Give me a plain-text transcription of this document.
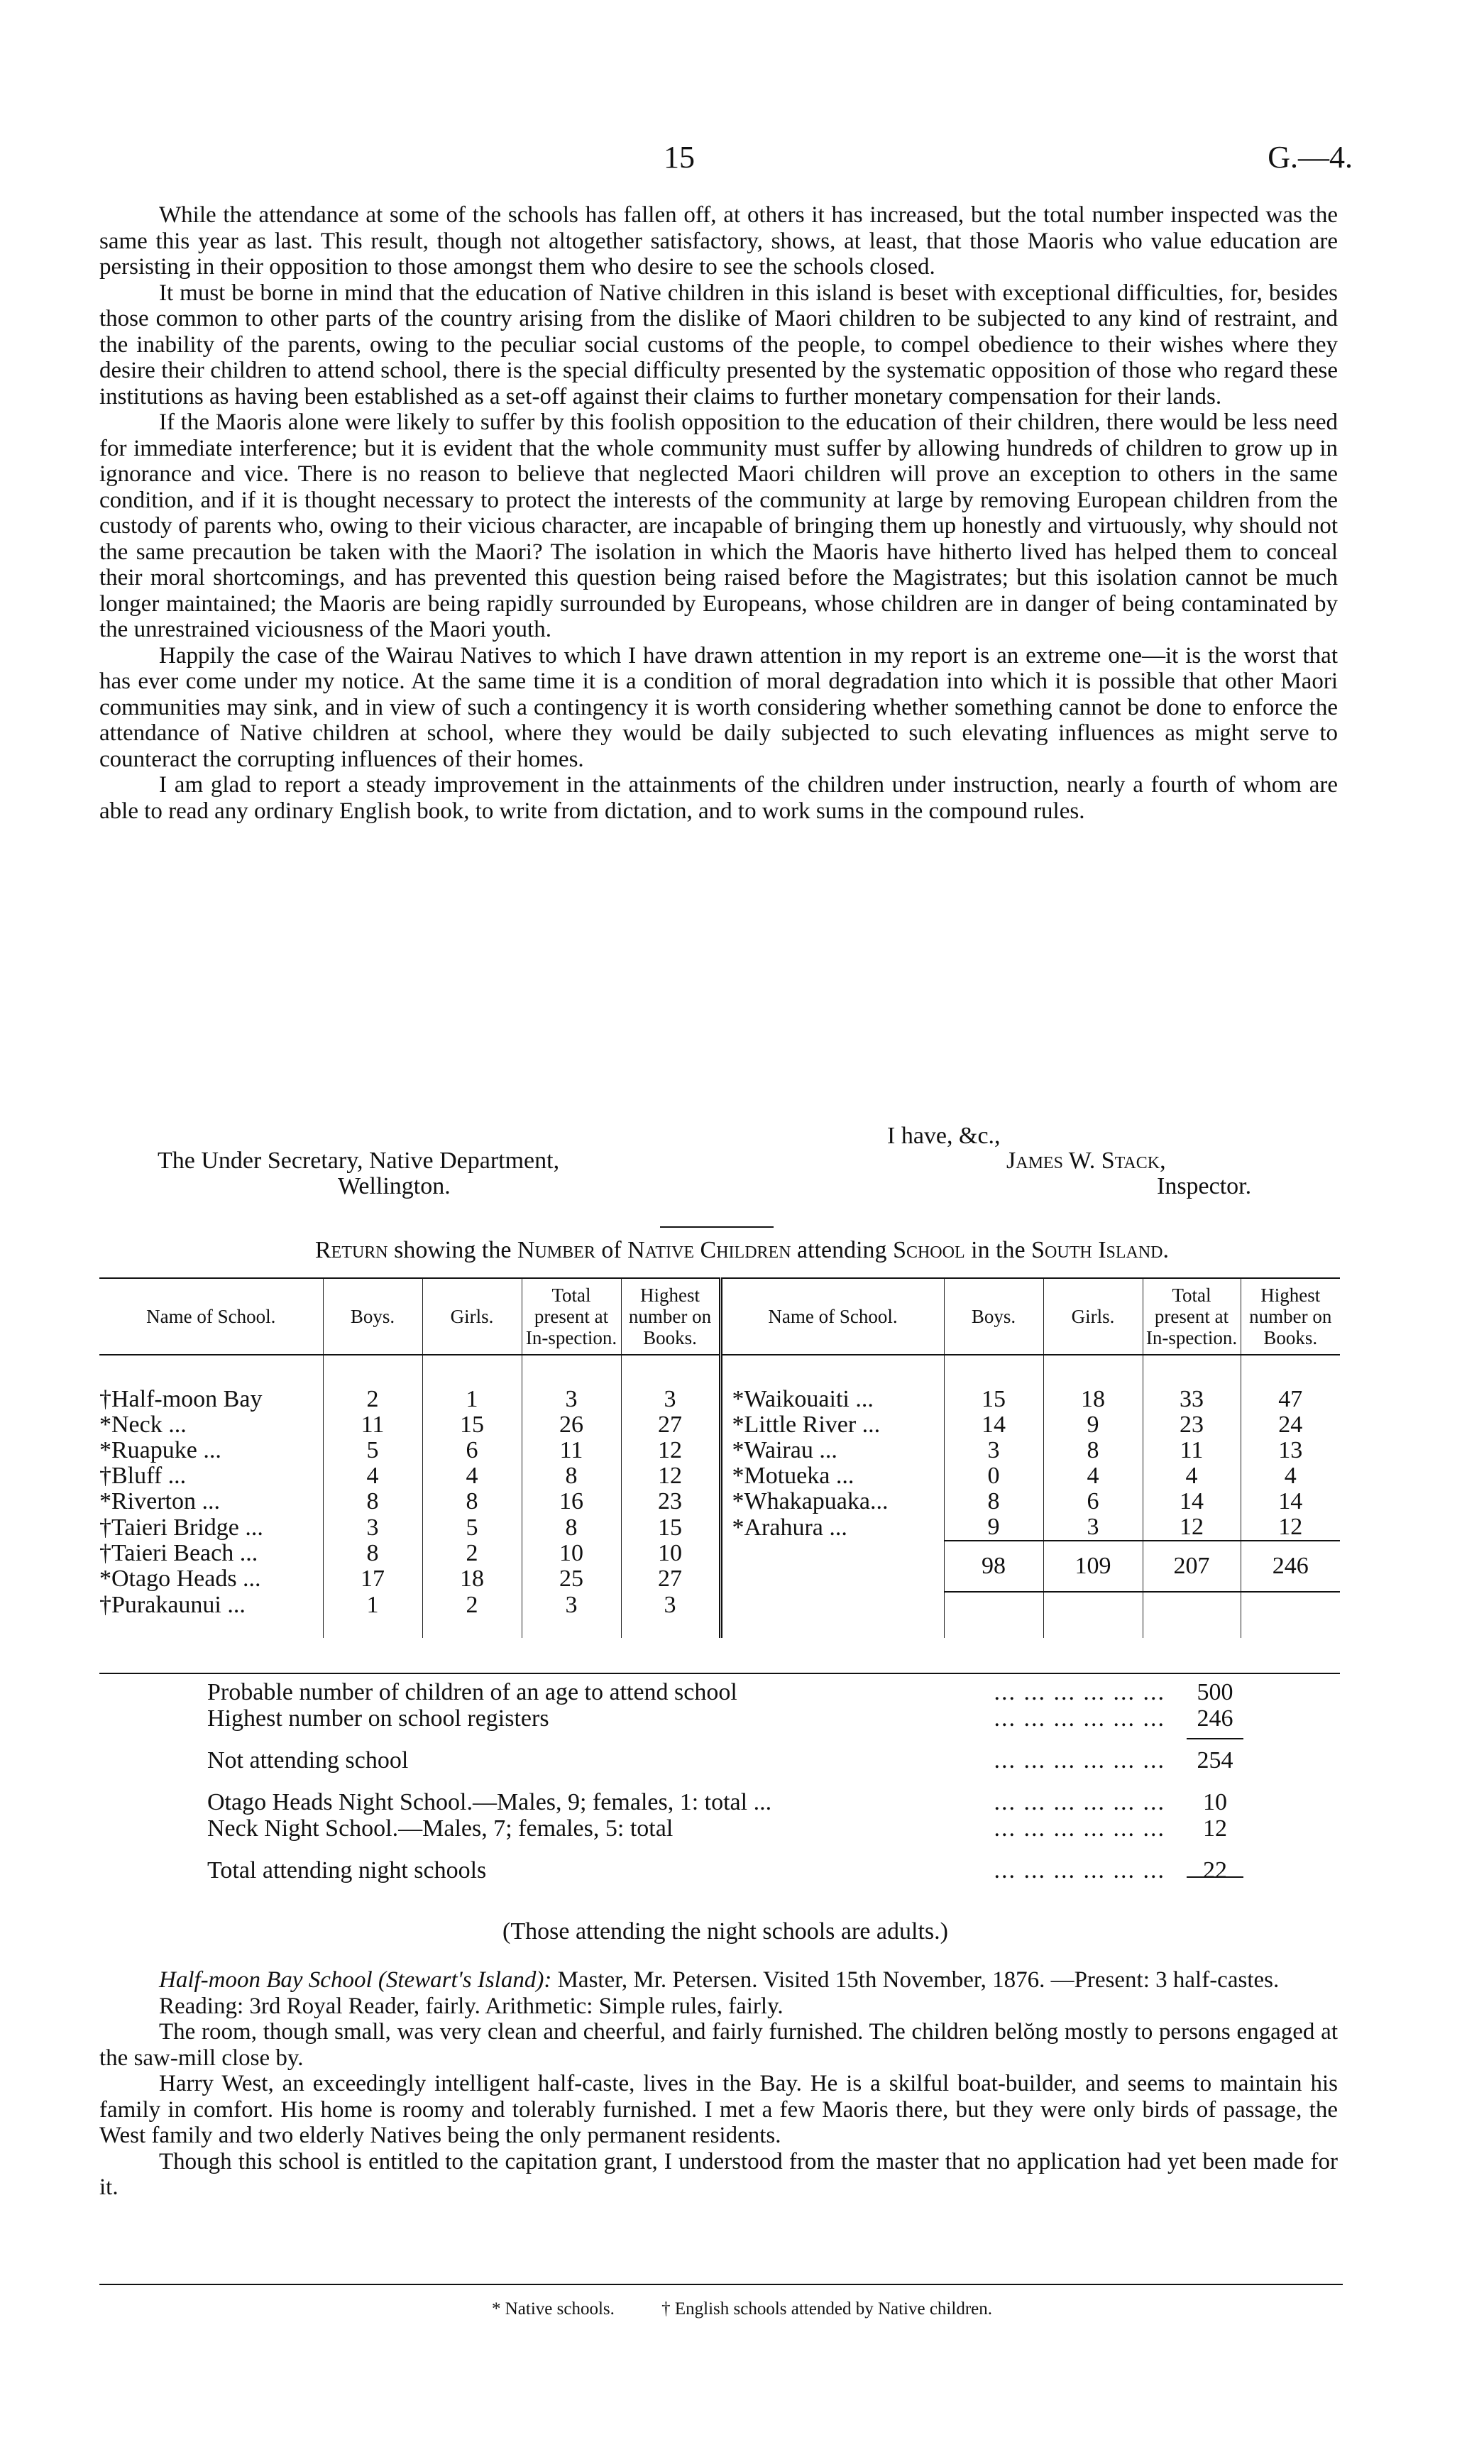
15	G.—4.

While the attendance at some of the schools has fallen off, at others it has increased, but the total number inspected was the same this year as last. This result, though not altogether satisfactory, shows, at least, that those Maoris who value education are persisting in their opposition to those amongst them who desire to see the schools closed.

It must be borne in mind that the education of Native children in this island is beset with exceptional difficulties, for, besides those common to other parts of the country arising from the dislike of Maori children to be subjected to any kind of restraint, and the inability of the parents, owing to the peculiar social customs of the people, to compel obedience to their wishes where they desire their children to attend school, there is the special difficulty presented by the systematic opposition of those who regard these institutions as having been established as a set-off against their claims to further monetary compensation for their lands.

If the Maoris alone were likely to suffer by this foolish opposition to the education of their children, there would be less need for immediate interference; but it is evident that the whole community must suffer by allowing hundreds of children to grow up in ignorance and vice. There is no reason to believe that neglected Maori children will prove an exception to others in the same condition, and if it is thought necessary to protect the interests of the community at large by removing European children from the custody of parents who, owing to their vicious character, are incapable of bringing them up honestly and virtuously, why should not the same precaution be taken with the Maori? The isolation in which the Maoris have hitherto lived has helped them to conceal their moral shortcomings, and has prevented this question being raised before the Magistrates; but this isolation cannot be much longer maintained; the Maoris are being rapidly surrounded by Europeans, whose children are in danger of being contaminated by the unrestrained viciousness of the Maori youth.

Happily the case of the Wairau Natives to which I have drawn attention in my report is an extreme one—it is the worst that has ever come under my notice. At the same time it is a condition of moral degradation into which it is possible that other Maori communities may sink, and in view of such a contingency it is worth considering whether something cannot be done to enforce the attendance of Native children at school, where they would be daily subjected to such elevating influences as might serve to counteract the corrupting influences of their homes.

I am glad to report a steady improvement in the attainments of the children under instruction, nearly a fourth of whom are able to read any ordinary English book, to write from dictation, and to work sums in the compound rules.

I have, &c.,
James W. Stack,
Inspector.
The Under Secretary, Native Department,
Wellington.
Return showing the Number of Native Children attending School in the South Island.
Name of School.	Boys.	Girls.	Total present at In-spection.	Highest number on Books.	Name of School.	Boys.	Girls.	Total present at In-spection.	Highest number on Books.
†Half-moon Bay	2	1	3	3	*Waikouaiti ...	15	18	33	47
*Neck ...	11	15	26	27	*Little River ...	14	9	23	24
*Ruapuke ...	5	6	11	12	*Wairau ...	3	8	11	13
†Bluff ...	4	4	8	12	*Motueka ...	0	4	4	4
*Riverton ...	8	8	16	23	*Whakapuaka...	8	6	14	14
†Taieri Bridge ...	3	5	8	15	*Arahura ...	9	3	12	12
†Taieri Beach ...	8	2	10	10		98	109	207	246
*Otago Heads ...	17	18	25	27					
†Purakaunui ...	1	2	3	3					
Probable number of children of an age to attend school	... ... ... ... ... ...	500
Highest number on school registers	... ... ... ... ... ...	246
Not attending school	... ... ... ... ... ...	254
Otago Heads Night School.—Males, 9; females, 1: total ...	... ... ... ... ... ...	10
Neck Night School.—Males, 7; females, 5: total	... ... ... ... ... ...	12
Total attending night schools	... ... ... ... ... ...	22
(Those attending the night schools are adults.)

Half-moon Bay School (Stewart's Island): Master, Mr. Petersen. Visited 15th November, 1876. —Present: 3 half-castes.

Reading: 3rd Royal Reader, fairly. Arithmetic: Simple rules, fairly.

The room, though small, was very clean and cheerful, and fairly furnished. The children belŏng mostly to persons engaged at the saw-mill close by.

Harry West, an exceedingly intelligent half-caste, lives in the Bay. He is a skilful boat-builder, and seems to maintain his family in comfort. His home is roomy and tolerably furnished. I met a few Maoris there, but they were only birds of passage, the West family and two elderly Natives being the only permanent residents.

Though this school is entitled to the capitation grant, I understood from the master that no application had yet been made for it.

* Native schools.	† English schools attended by Native children.
